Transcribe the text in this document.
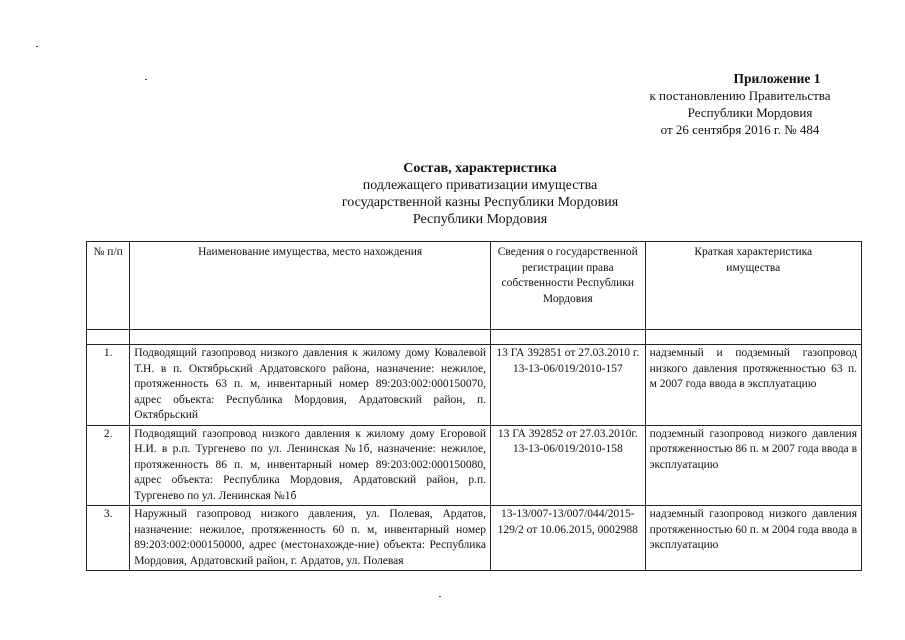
Приложение 1
к постановлению Правительства
Республики Мордовия
от 26 сентября 2016 г. № 484
Состав, характеристика
подлежащего приватизации имущества
государственной казны Республики Мордовия
Республики Мордовия
№ п/п	Наименование имущества, место нахождения	Сведения о государственной регистрации права собственности Республики Мордовия	Краткая характеристика имущества

1.	Подводящий газопровод низкого давления к жилому дому Ковалевой Т.Н. в п. Октябрьский Ардатовского района, назначение: нежилое, протяженность 63 п. м, инвентарный номер 89:203:002:000150070, адрес объекта: Республика Мордовия, Ардатовский район, п. Октябрьский	13 ГА 392851 от 27.03.2010 г. 13-13-06/019/2010-157	надземный и подземный газопровод низкого давления протяженностью 63 п. м 2007 года ввода в эксплуатацию
2.	Подводящий газопровод низкого давления к жилому дому Егоровой Н.И. в р.п. Тургенево по ул. Ленинская №1б, назначение: нежилое, протяженность 86 п. м, инвентарный номер 89:203:002:000150080, адрес объекта: Республика Мордовия, Ардатовский район, р.п. Тургенево по ул. Ленинская №1б	13 ГА 392852 от 27.03.2010г. 13-13-06/019/2010-158	подземный газопровод низкого давления протяженностью 86 п. м 2007 года ввода в эксплуатацию
3.	Наружный газопровод низкого давления, ул. Полевая, Ардатов, назначение: нежилое, протяженность 60 п. м, инвентарный номер 89:203:002:000150000, адрес (местонахожде-ние) объекта: Республика Мордовия, Ардатовский район, г. Ардатов, ул. Полевая	13-13/007-13/007/044/2015-129/2 от 10.06.2015, 0002988	надземный газопровод низкого давления протяженностью 60 п. м 2004 года ввода в эксплуатацию
